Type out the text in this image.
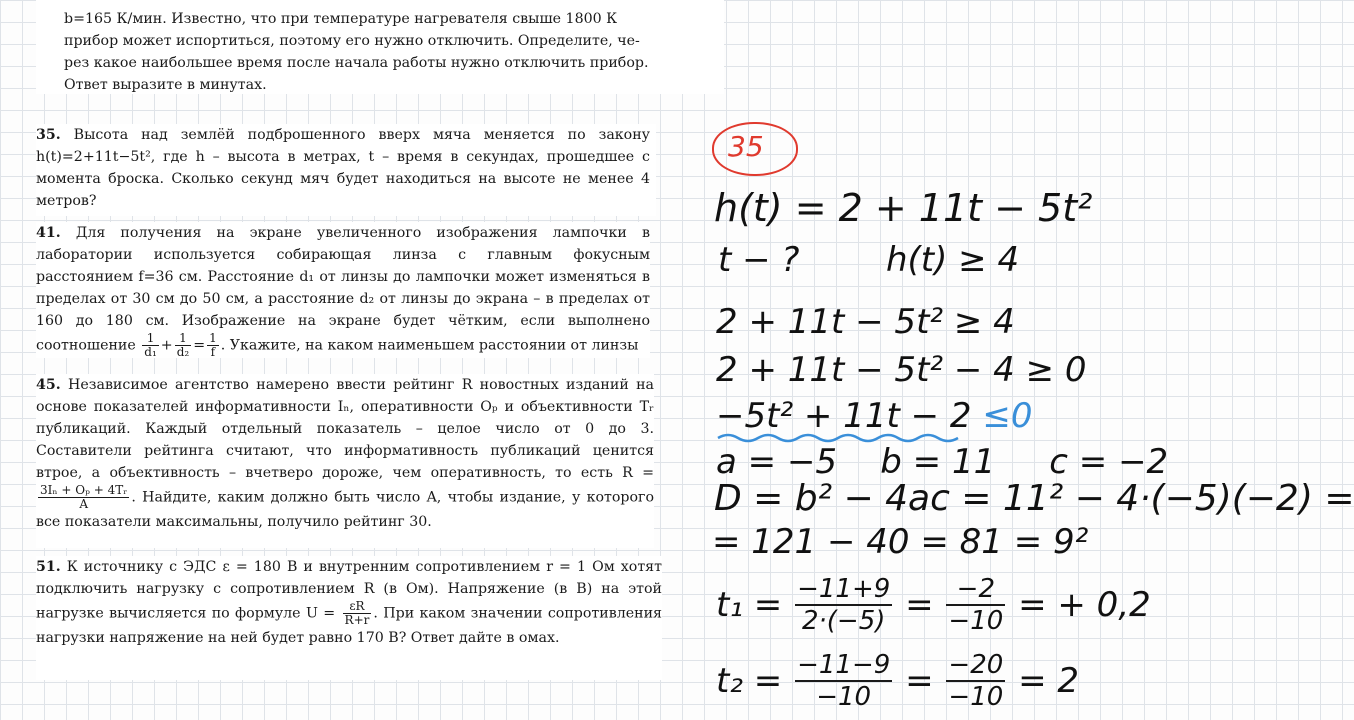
b=165 К/мин. Известно, что при температуре нагревателя свыше 1800 К

прибор может испортиться, поэтому его нужно отключить. Определите, че-

рез какое наибольшее время после начала работы нужно отключить прибор.

Ответ выразите в минутах.

35. Высота над землёй подброшенного вверх мяча меняется по закону h(t)=2+11t−5t², где h – высота в метрах, t – время в секундах, прошедшее с момента броска. Сколько секунд мяч будет находиться на высоте не менее 4 метров?

41. Для получения на экране увеличенного изображения лампочки в лаборатории используется собирающая линза с главным фокусным расстоянием f=36 см. Расстояние d₁ от линзы до лампочки может изменяться в пределах от 30 см до 50 см, а расстояние d₂ от линзы до экрана – в пределах от 160 до 180 см. Изображение на экране будет чётким, если выполнено соотношение $\frac{1}{\text{d₁}} + \frac{1}{\text{d₂}} = \frac{1}{f}$ . Укажите, на каком наименьшем расстоянии от линзы

45. Независимое агентство намерено ввести рейтинг R новостных изданий на основе показателей информативности Iₙ, оперативности Oₚ и объективности Tᵣ публикаций. Каждый отдельный показатель – целое число от 0 до 3. Составители рейтинга считают, что информативность публикаций ценится втрое, а объективность – вчетверо дороже, чем оперативность, то есть R =
$\frac{\text{3Iₙ + Oₚ + 4Tᵣ}}{A}$ . Найдите, каким должно быть число A, чтобы издание, у которого все показатели максимальны, получило рейтинг 30.

51. К источнику с ЭДС ε = 180 В и внутренним сопротивлением r = 1 Ом хотят подключить нагрузку с сопротивлением R (в Ом). Напряжение (в В) на этой нагрузке вычисляется по формуле $U = \frac{\varepsilon R}{R+r}$ . При каком значении сопротивления нагрузки напряжение на ней будет равно 170 В? Ответ дайте в омах.

35
h(t) = 2 + 11t − 5t²
t − ?        h(t) ≥ 4
2 + 11t − 5t² ≥ 4
2 + 11t − 5t² − 4 ≥ 0
−5t² + 11t − 2 ≤0
a = −5    b = 11     c = −2
D = b² − 4ac = 11² − 4·(−5)(−2) =
= 121 − 40 = 81 = 9²
$t_1 = \frac{-11+9}{2\cdot(-5)} = \frac{-2}{-10}$ = + 0,2
$t_2 = \frac{-11-9}{-10} = \frac{-20}{-10} = 2$
